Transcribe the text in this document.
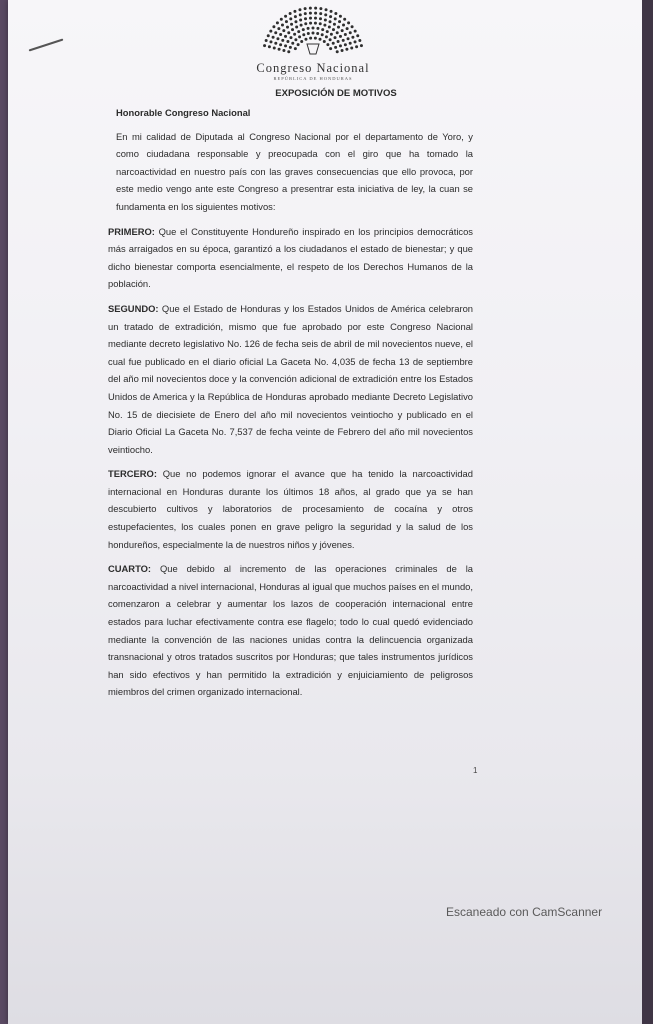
Congreso Nacional
REPÚBLICA DE HONDURAS
EXPOSICIÓN DE MOTIVOS

Honorable Congreso Nacional

En mi calidad de Diputada al Congreso Nacional por el departamento de Yoro, y como ciudadana responsable y preocupada con el giro que ha tomado la narcoactividad en nuestro país con las graves consecuencias que ello provoca, por este medio vengo ante este Congreso a presentrar esta iniciativa de ley, la cuan se fundamenta en los siguientes motivos:

PRIMERO: Que el Constituyente Hondureño inspirado en los principios democráticos más arraigados en su época, garantizó a los ciudadanos el estado de bienestar; y que dicho bienestar comporta esencialmente, el respeto de los Derechos Humanos de la población.

SEGUNDO: Que el Estado de Honduras y los Estados Unidos de América celebraron un tratado de extradición, mismo que fue aprobado por este Congreso Nacional mediante decreto legislativo No. 126 de fecha seis de abril de mil novecientos nueve, el cual fue publicado en el diario oficial La Gaceta No. 4,035 de fecha 13 de septiembre del año mil novecientos doce y la convención adicional de extradición entre los Estados Unidos de America y la República de Honduras aprobado mediante Decreto Legislativo No. 15 de diecisiete de Enero del año mil novecientos veintiocho y publicado en el Diario Oficial La Gaceta No. 7,537 de fecha veinte de Febrero del año mil novecientos veintiocho.

TERCERO: Que no podemos ignorar el avance que ha tenido la narcoactividad internacional en Honduras durante los últimos 18 años, al grado que ya se han descubierto cultivos y laboratorios de procesamiento de cocaína y otros estupefacientes, los cuales ponen en grave peligro la seguridad y la salud de los hondureños, especialmente la de nuestros niños y jóvenes.

CUARTO: Que debido al incremento de las operaciones criminales de la narcoactividad a nivel internacional, Honduras al igual que muchos países en el mundo, comenzaron a celebrar y aumentar los lazos de cooperación internacional entre estados para luchar efectivamente contra ese flagelo; todo lo cual quedó evidenciado mediante la convención de las naciones unidas contra la delincuencia organizada transnacional y otros tratados suscritos por Honduras; que tales instrumentos jurídicos han sido efectivos y han permitido la extradición y enjuiciamiento de peligrosos miembros del crimen organizado internacional.

1
Escaneado con CamScanner
